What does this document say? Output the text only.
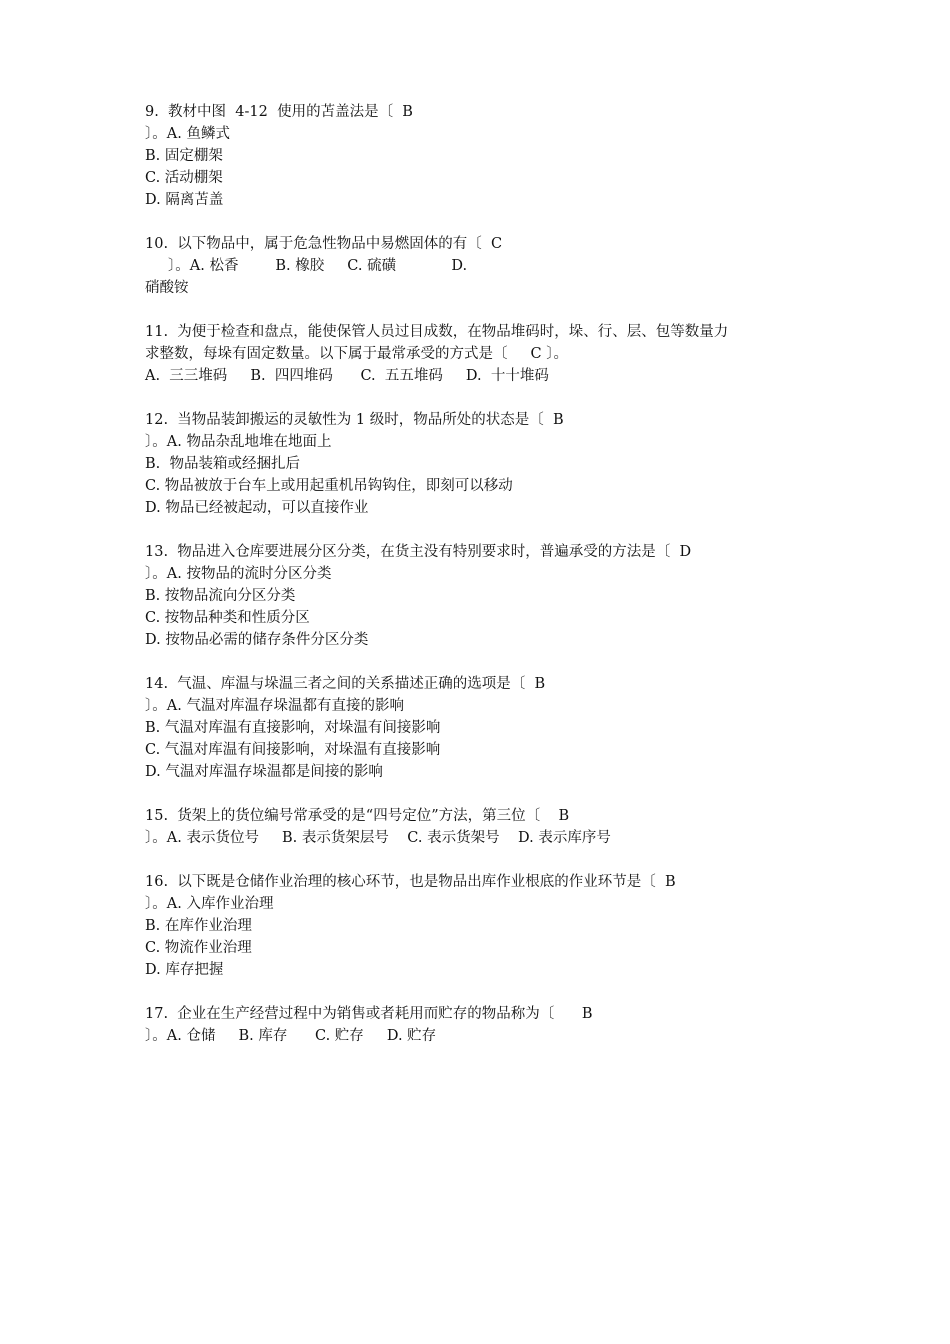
9.  教材中图  4-12  使用的苫盖法是〔  B
〕。A. 鱼鳞式
B. 固定棚架
C. 活动棚架
D. 隔离苫盖
10.  以下物品中，属于危急性物品中易燃固体的有〔  C
〕。A. 松香        B. 橡胶     C. 硫磺            D.
硝酸铵
11.  为便于检查和盘点，能使保管人员过目成数，在物品堆码时，垛、行、层、包等数量力
求整数，每垛有固定数量。以下属于最常承受的方式是〔     C 〕。
A.  三三堆码     B.  四四堆码      C.  五五堆码     D.  十十堆码
12.  当物品装卸搬运的灵敏性为 1 级时，物品所处的状态是〔  B
〕。A. 物品杂乱地堆在地面上
B.  物品装箱或经捆扎后
C. 物品被放于台车上或用起重机吊钩钩住，即刻可以移动
D. 物品已经被起动，可以直接作业
13.  物品进入仓库要进展分区分类，在货主没有特别要求时，普遍承受的方法是〔  D
〕。A. 按物品的流时分区分类
B. 按物品流向分区分类
C. 按物品种类和性质分区
D. 按物品必需的储存条件分区分类
14.  气温、库温与垛温三者之间的关系描述正确的选项是〔  B
〕。A. 气温对库温存垛温都有直接的影响
B. 气温对库温有直接影响，对垛温有间接影响
C. 气温对库温有间接影响，对垛温有直接影响
D. 气温对库温存垛温都是间接的影响
15.  货架上的货位编号常承受的是“四号定位”方法，第三位〔    B
〕。A. 表示货位号     B. 表示货架层号    C. 表示货架号    D. 表示库序号
16.  以下既是仓储作业治理的核心环节，也是物品出库作业根底的作业环节是〔  B
〕。A. 入库作业治理
B. 在库作业治理
C. 物流作业治理
D. 库存把握
17.  企业在生产经营过程中为销售或者耗用而贮存的物品称为〔      B
〕。A. 仓储     B. 库存      C. 贮存     D. 贮存
